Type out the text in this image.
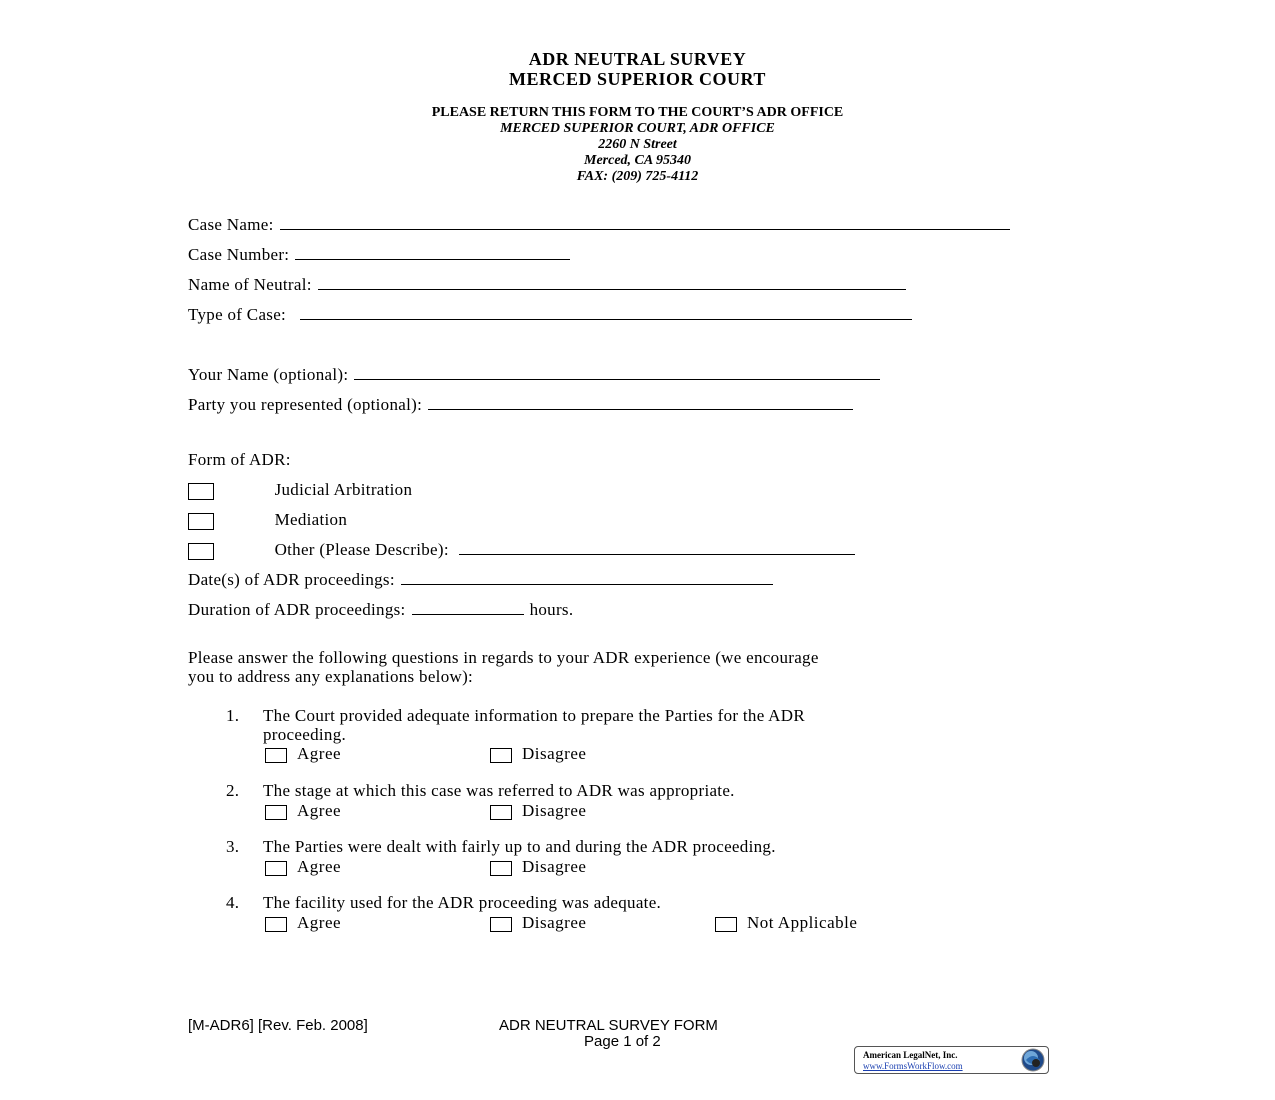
ADR NEUTRAL SURVEY
MERCED SUPERIOR COURT
PLEASE RETURN THIS FORM TO THE COURT’S ADR OFFICE
MERCED SUPERIOR COURT, ADR OFFICE
2260 N Street
Merced, CA 95340
FAX: (209) 725-4112
Case Name:
Case Number:
Name of Neutral:
Type of Case:
Your Name (optional):
Party you represented (optional):
Form of ADR:
Judicial Arbitration
Mediation
Other (Please Describe):
Date(s) of ADR proceedings:
Duration of ADR proceedings:	hours.
Please answer the following questions in regards to your ADR experience (we encourage
you to address any explanations below):
1. The Court provided adequate information to prepare the Parties for the ADR
proceeding.
Agree	Disagree
2. The stage at which this case was referred to ADR was appropriate.
Agree	Disagree
3. The Parties were dealt with fairly up to and during the ADR proceeding.
Agree	Disagree
4. The facility used for the ADR proceeding was adequate.
Agree	Disagree	Not Applicable
[M-ADR6] [Rev. Feb. 2008]	ADR NEUTRAL SURVEY FORM
Page 1 of 2
American LegalNet, Inc.
www.FormsWorkFlow.com
